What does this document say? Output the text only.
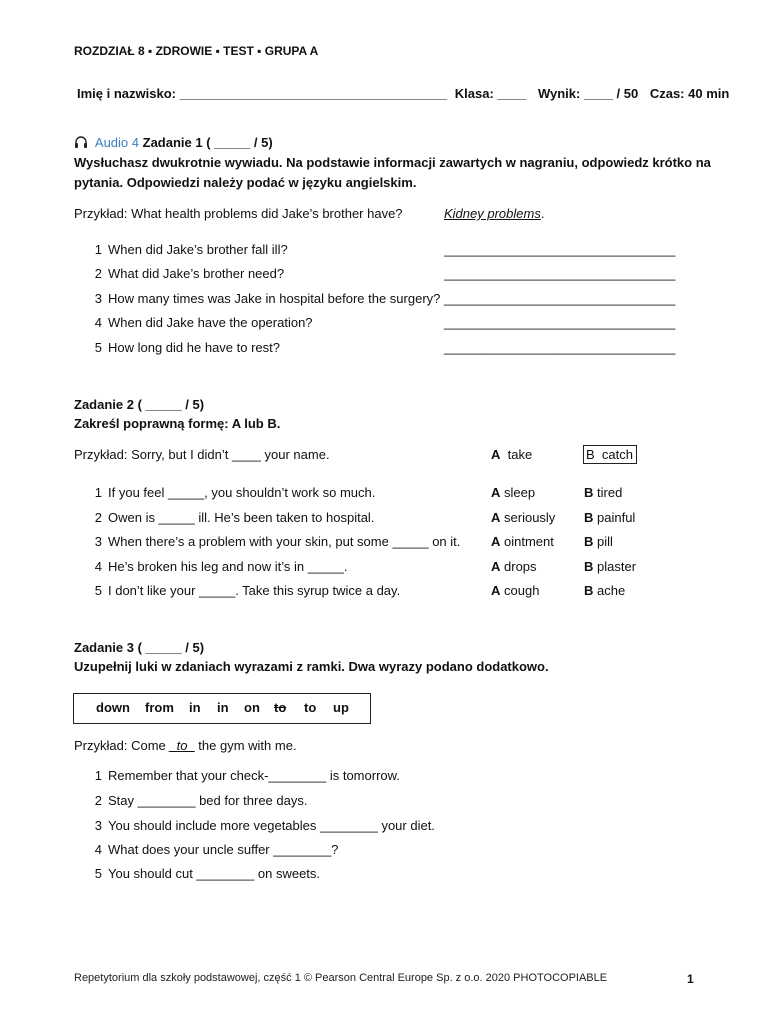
ROZDZIAŁ 8 ▪ ZDROWIE ▪ TEST ▪ GRUPA A
Imię i nazwisko: _____________________________________ Klasa: ____ Wynik: ____ / 50 Czas: 40 min
Audio 4 Zadanie 1 ( _____ / 5)
Wysłuchasz dwukrotnie wywiadu. Na podstawie informacji zawartych w nagraniu, odpowiedz krótko na
pytania. Odpowiedzi należy podać w języku angielskim.
Przykład: What health problems did Jake’s brother have?	Kidney problems.
1 When did Jake’s brother fall ill?	________________________________
2 What did Jake’s brother need?	________________________________
3 How many times was Jake in hospital before the surgery? ________________________________
4 When did Jake have the operation?	________________________________
5 How long did he have to rest?	________________________________
Zadanie 2 ( _____ / 5)
Zakreśl poprawną formę: A lub B.
Przykład: Sorry, but I didn’t ____ your name.	A take	B catch
1 If you feel _____, you shouldn’t work so much.	A sleep	B tired
2 Owen is _____ ill. He’s been taken to hospital.	A seriously B painful
3 When there’s a problem with your skin, put some _____ on it. A ointment B pill
4 He’s broken his leg and now it’s in _____.	A drops	B plaster
5 I don’t like your _____. Take this syrup twice a day.	A cough	B ache
Zadanie 3 ( _____ / 5)
Uzupełnij luki w zdaniach wyrazami z ramki. Dwa wyrazy podano dodatkowo.
down from in in on to to up
Przykład: Come _to_ the gym with me.
1 Remember that your check-________ is tomorrow.
2 Stay ________ bed for three days.
3 You should include more vegetables ________ your diet.
4 What does your uncle suffer ________?
5 You should cut ________ on sweets.
Repetytorium dla szkoły podstawowej, część 1 © Pearson Central Europe Sp. z o.o. 2020 PHOTOCOPIABLE	1
